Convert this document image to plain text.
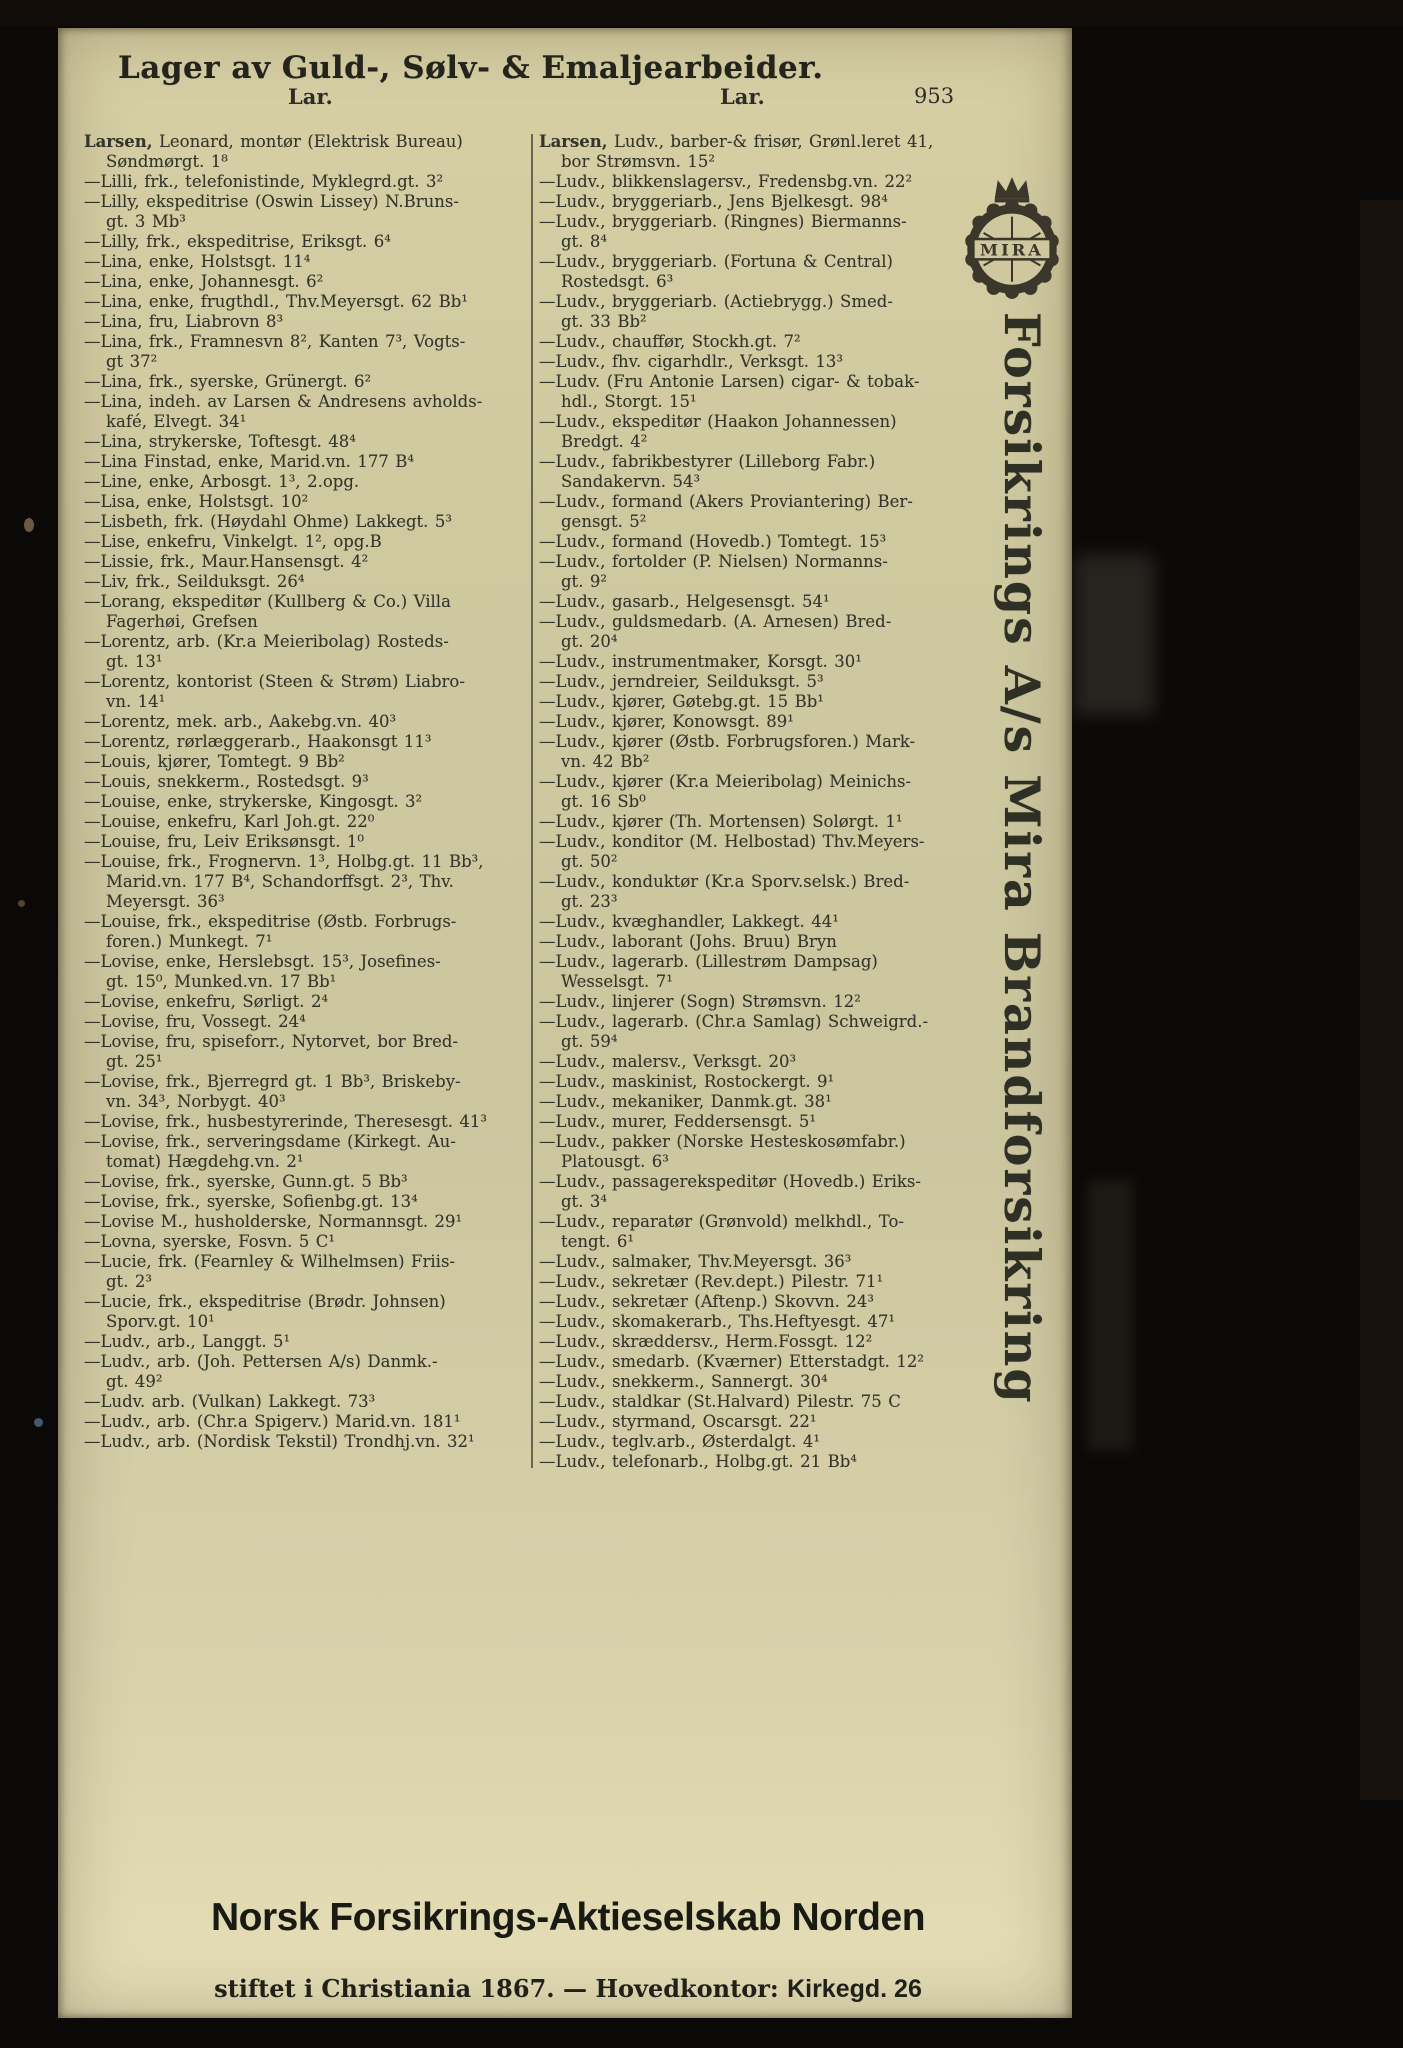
Lager av Guld-, Sølv- & Emaljearbeider.
Lar.	Lar.	953

Larsen, Leonard, montør (Elektrisk Bureau)
Søndmørgt. 1⁸

—Lilli, frk., telefonistinde, Myklegrd.gt. 3²

—Lilly, ekspeditrise (Oswin Lissey) N.Bruns-
gt. 3 Mb³

—Lilly, frk., ekspeditrise, Eriksgt. 6⁴

—Lina, enke, Holstsgt. 11⁴

—Lina, enke, Johannesgt. 6²

—Lina, enke, frugthdl., Thv.Meyersgt. 62 Bb¹

—Lina, fru, Liabrovn 8³

—Lina, frk., Framnesvn 8², Kanten 7³, Vogts-
gt 37²

—Lina, frk., syerske, Grünergt. 6²

—Lina, indeh. av Larsen & Andresens avholds-
kafé, Elvegt. 34¹

—Lina, strykerske, Toftesgt. 48⁴

—Lina Finstad, enke, Marid.vn. 177 B⁴

—Line, enke, Arbosgt. 1³, 2.opg.

—Lisa, enke, Holstsgt. 10²

—Lisbeth, frk. (Høydahl Ohme) Lakkegt. 5³

—Lise, enkefru, Vinkelgt. 1², opg.B

—Lissie, frk., Maur.Hansensgt. 4²

—Liv, frk., Seilduksgt. 26⁴

—Lorang, ekspeditør (Kullberg & Co.) Villa
Fagerhøi, Grefsen

—Lorentz, arb. (Kr.a Meieribolag) Rosteds-
gt. 13¹

—Lorentz, kontorist (Steen & Strøm) Liabro-
vn. 14¹

—Lorentz, mek. arb., Aakebg.vn. 40³

—Lorentz, rørlæggerarb., Haakonsgt 11³

—Louis, kjører, Tomtegt. 9 Bb²

—Louis, snekkerm., Rostedsgt. 9³

—Louise, enke, strykerske, Kingosgt. 3²

—Louise, enkefru, Karl Joh.gt. 22⁰

—Louise, fru, Leiv Eriksønsgt. 1⁰

—Louise, frk., Frognervn. 1³, Holbg.gt. 11 Bb³,
Marid.vn. 177 B⁴, Schandorffsgt. 2³, Thv.
Meyersgt. 36³

—Louise, frk., ekspeditrise (Østb. Forbrugs-
foren.) Munkegt. 7¹

—Lovise, enke, Herslebsgt. 15³, Josefines-
gt. 15⁰, Munked.vn. 17 Bb¹

—Lovise, enkefru, Sørligt. 2⁴

—Lovise, fru, Vossegt. 24⁴

—Lovise, fru, spiseforr., Nytorvet, bor Bred-
gt. 25¹

—Lovise, frk., Bjerregrd gt. 1 Bb³, Briskeby-
vn. 34³, Norbygt. 40³

—Lovise, frk., husbestyrerinde, Theresesgt. 41³

—Lovise, frk., serveringsdame (Kirkegt. Au-
tomat) Hægdehg.vn. 2¹

—Lovise, frk., syerske, Gunn.gt. 5 Bb³

—Lovise, frk., syerske, Sofienbg.gt. 13⁴

—Lovise M., husholderske, Normannsgt. 29¹

—Lovna, syerske, Fosvn. 5 C¹

—Lucie, frk. (Fearnley & Wilhelmsen) Friis-
gt. 2³

—Lucie, frk., ekspeditrise (Brødr. Johnsen)
Sporv.gt. 10¹

—Ludv., arb., Langgt. 5¹

—Ludv., arb. (Joh. Pettersen A/s) Danmk.-
gt. 49²

—Ludv. arb. (Vulkan) Lakkegt. 73³

—Ludv., arb. (Chr.a Spigerv.) Marid.vn. 181¹

—Ludv., arb. (Nordisk Tekstil) Trondhj.vn. 32¹

Larsen, Ludv., barber-& frisør, Grønl.leret 41,
bor Strømsvn. 15²

—Ludv., blikkenslagersv., Fredensbg.vn. 22²

—Ludv., bryggeriarb., Jens Bjelkesgt. 98⁴

—Ludv., bryggeriarb. (Ringnes) Biermanns-
gt. 8⁴

—Ludv., bryggeriarb. (Fortuna & Central)
Rostedsgt. 6³

—Ludv., bryggeriarb. (Actiebrygg.) Smed-
gt. 33 Bb²

—Ludv., chauffør, Stockh.gt. 7²

—Ludv., fhv. cigarhdlr., Verksgt. 13³

—Ludv. (Fru Antonie Larsen) cigar- & tobak-
hdl., Storgt. 15¹

—Ludv., ekspeditør (Haakon Johannessen)
Bredgt. 4²

—Ludv., fabrikbestyrer (Lilleborg Fabr.)
Sandakervn. 54³

—Ludv., formand (Akers Proviantering) Ber-
gensgt. 5²

—Ludv., formand (Hovedb.) Tomtegt. 15³

—Ludv., fortolder (P. Nielsen) Normanns-
gt. 9²

—Ludv., gasarb., Helgesensgt. 54¹

—Ludv., guldsmedarb. (A. Arnesen) Bred-
gt. 20⁴

—Ludv., instrumentmaker, Korsgt. 30¹

—Ludv., jerndreier, Seilduksgt. 5³

—Ludv., kjører, Gøtebg.gt. 15 Bb¹

—Ludv., kjører, Konowsgt. 89¹

—Ludv., kjører (Østb. Forbrugsforen.) Mark-
vn. 42 Bb²

—Ludv., kjører (Kr.a Meieribolag) Meinichs-
gt. 16 Sb⁰

—Ludv., kjører (Th. Mortensen) Solørgt. 1¹

—Ludv., konditor (M. Helbostad) Thv.Meyers-
gt. 50²

—Ludv., konduktør (Kr.a Sporv.selsk.) Bred-
gt. 23³

—Ludv., kvæghandler, Lakkegt. 44¹

—Ludv., laborant (Johs. Bruu) Bryn

—Ludv., lagerarb. (Lillestrøm Dampsag)
Wesselsgt. 7¹

—Ludv., linjerer (Sogn) Strømsvn. 12²

—Ludv., lagerarb. (Chr.a Samlag) Schweigrd.-
gt. 59⁴

—Ludv., malersv., Verksgt. 20³

—Ludv., maskinist, Rostockergt. 9¹

—Ludv., mekaniker, Danmk.gt. 38¹

—Ludv., murer, Feddersensgt. 5¹

—Ludv., pakker (Norske Hesteskosømfabr.)
Platousgt. 6³

—Ludv., passagerekspeditør (Hovedb.) Eriks-
gt. 3⁴

—Ludv., reparatør (Grønvold) melkhdl., To-
tengt. 6¹

—Ludv., salmaker, Thv.Meyersgt. 36³

—Ludv., sekretær (Rev.dept.) Pilestr. 71¹

—Ludv., sekretær (Aftenp.) Skovvn. 24³

—Ludv., skomakerarb., Ths.Heftyesgt. 47¹

—Ludv., skræddersv., Herm.Fossgt. 12²

—Ludv., smedarb. (Kværner) Etterstadgt. 12²

—Ludv., snekkerm., Sannergt. 30⁴

—Ludv., staldkar (St.Halvard) Pilestr. 75 C

—Ludv., styrmand, Oscarsgt. 22¹

—Ludv., teglv.arb., Østerdalgt. 4¹

—Ludv., telefonarb., Holbg.gt. 21 Bb⁴

MIRA
Forsikrings A/s Mira Brandforsikring
Norsk Forsikrings-Aktieselskab Norden
stiftet i Christiania 1867. — Hovedkontor: Kirkegd. 26
